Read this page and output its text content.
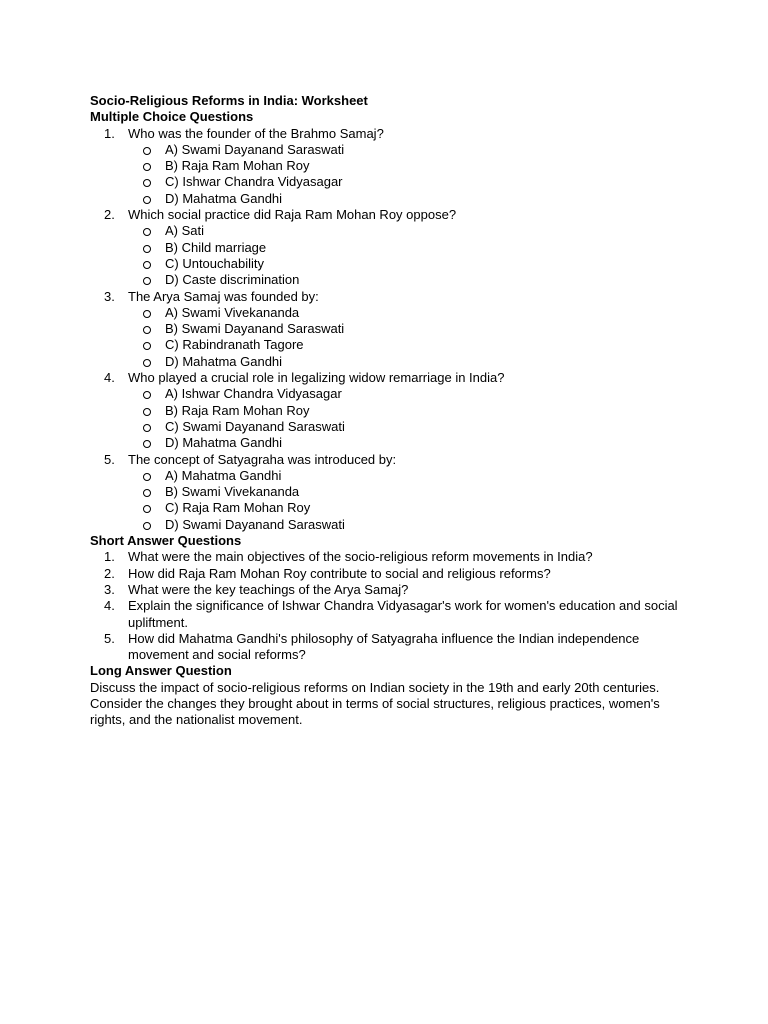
Socio-Religious Reforms in India: Worksheet
Multiple Choice Questions
1. Who was the founder of the Brahmo Samaj?
A) Swami Dayanand Saraswati
B) Raja Ram Mohan Roy
C) Ishwar Chandra Vidyasagar
D) Mahatma Gandhi
2. Which social practice did Raja Ram Mohan Roy oppose?
A) Sati
B) Child marriage
C) Untouchability
D) Caste discrimination
3. The Arya Samaj was founded by:
A) Swami Vivekananda
B) Swami Dayanand Saraswati
C) Rabindranath Tagore
D) Mahatma Gandhi
4. Who played a crucial role in legalizing widow remarriage in India?
A) Ishwar Chandra Vidyasagar
B) Raja Ram Mohan Roy
C) Swami Dayanand Saraswati
D) Mahatma Gandhi
5. The concept of Satyagraha was introduced by:
A) Mahatma Gandhi
B) Swami Vivekananda
C) Raja Ram Mohan Roy
D) Swami Dayanand Saraswati
Short Answer Questions
1. What were the main objectives of the socio-religious reform movements in India?
2. How did Raja Ram Mohan Roy contribute to social and religious reforms?
3. What were the key teachings of the Arya Samaj?
4. Explain the significance of Ishwar Chandra Vidyasagar's work for women's education and social upliftment.
5. How did Mahatma Gandhi's philosophy of Satyagraha influence the Indian independence movement and social reforms?
Long Answer Question

Discuss the impact of socio-religious reforms on Indian society in the 19th and early 20th centuries. Consider the changes they brought about in terms of social structures, religious practices, women's rights, and the nationalist movement.
